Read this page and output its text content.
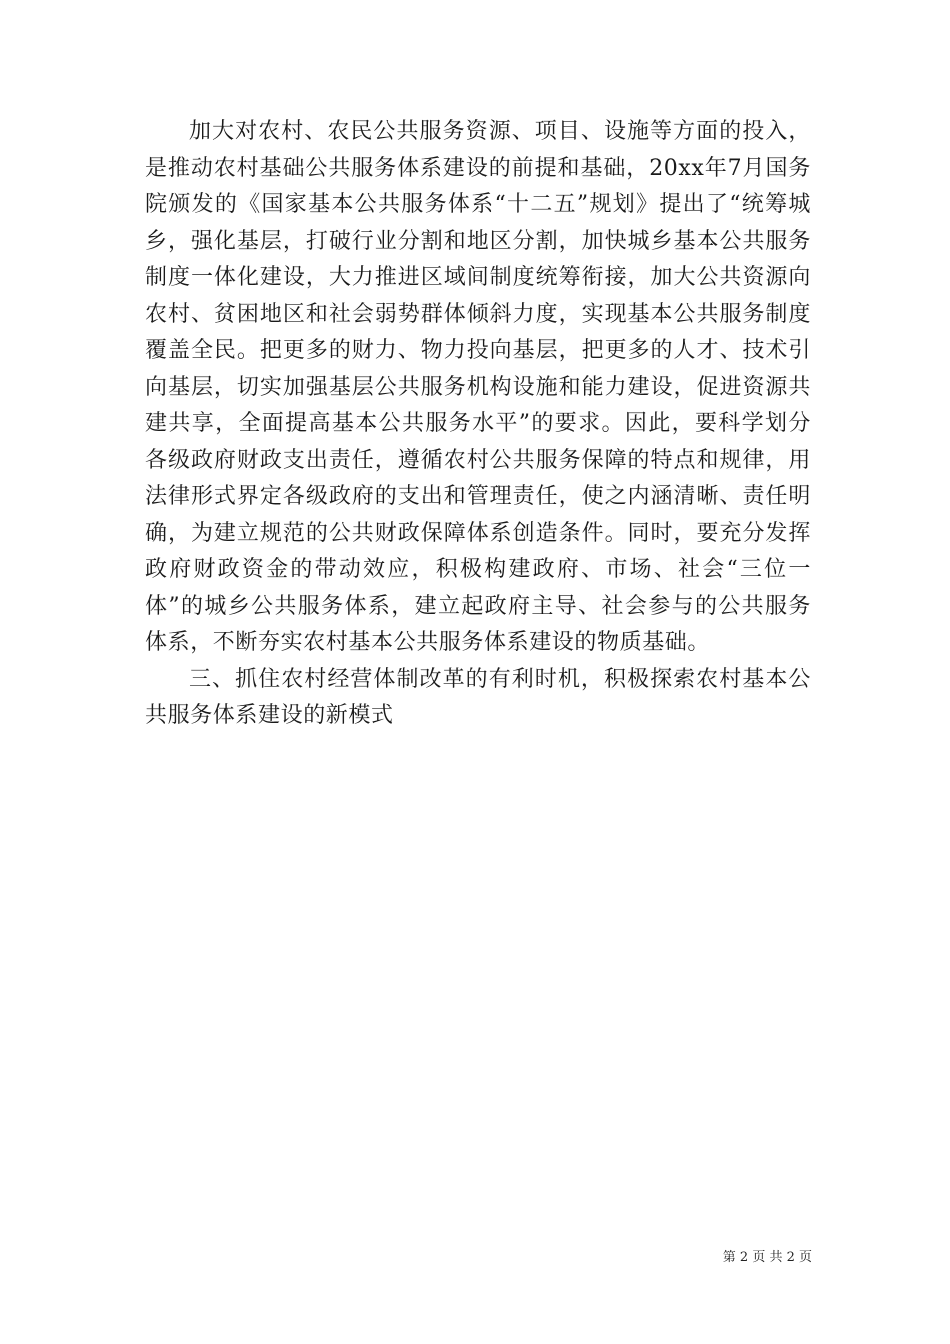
加大对农村、农民公共服务资源、项目、设施等方面的投入，是推动农村基础公共服务体系建设的前提和基础，20xx年7月国务院颁发的《国家基本公共服务体系“十二五”规划》提出了“统筹城乡，强化基层，打破行业分割和地区分割，加快城乡基本公共服务制度一体化建设，大力推进区域间制度统筹衔接，加大公共资源向农村、贫困地区和社会弱势群体倾斜力度，实现基本公共服务制度覆盖全民。把更多的财力、物力投向基层，把更多的人才、技术引向基层，切实加强基层公共服务机构设施和能力建设，促进资源共建共享，全面提高基本公共服务水平”的要求。因此，要科学划分各级政府财政支出责任，遵循农村公共服务保障的特点和规律，用法律形式界定各级政府的支出和管理责任，使之内涵清晰、责任明确，为建立规范的公共财政保障体系创造条件。同时，要充分发挥政府财政资金的带动效应，积极构建政府、市场、社会“三位一体”的城乡公共服务体系，建立起政府主导、社会参与的公共服务体系，不断夯实农村基本公共服务体系建设的物质基础。

三、抓住农村经营体制改革的有利时机，积极探索农村基本公共服务体系建设的新模式

第 2 页 共 2 页
